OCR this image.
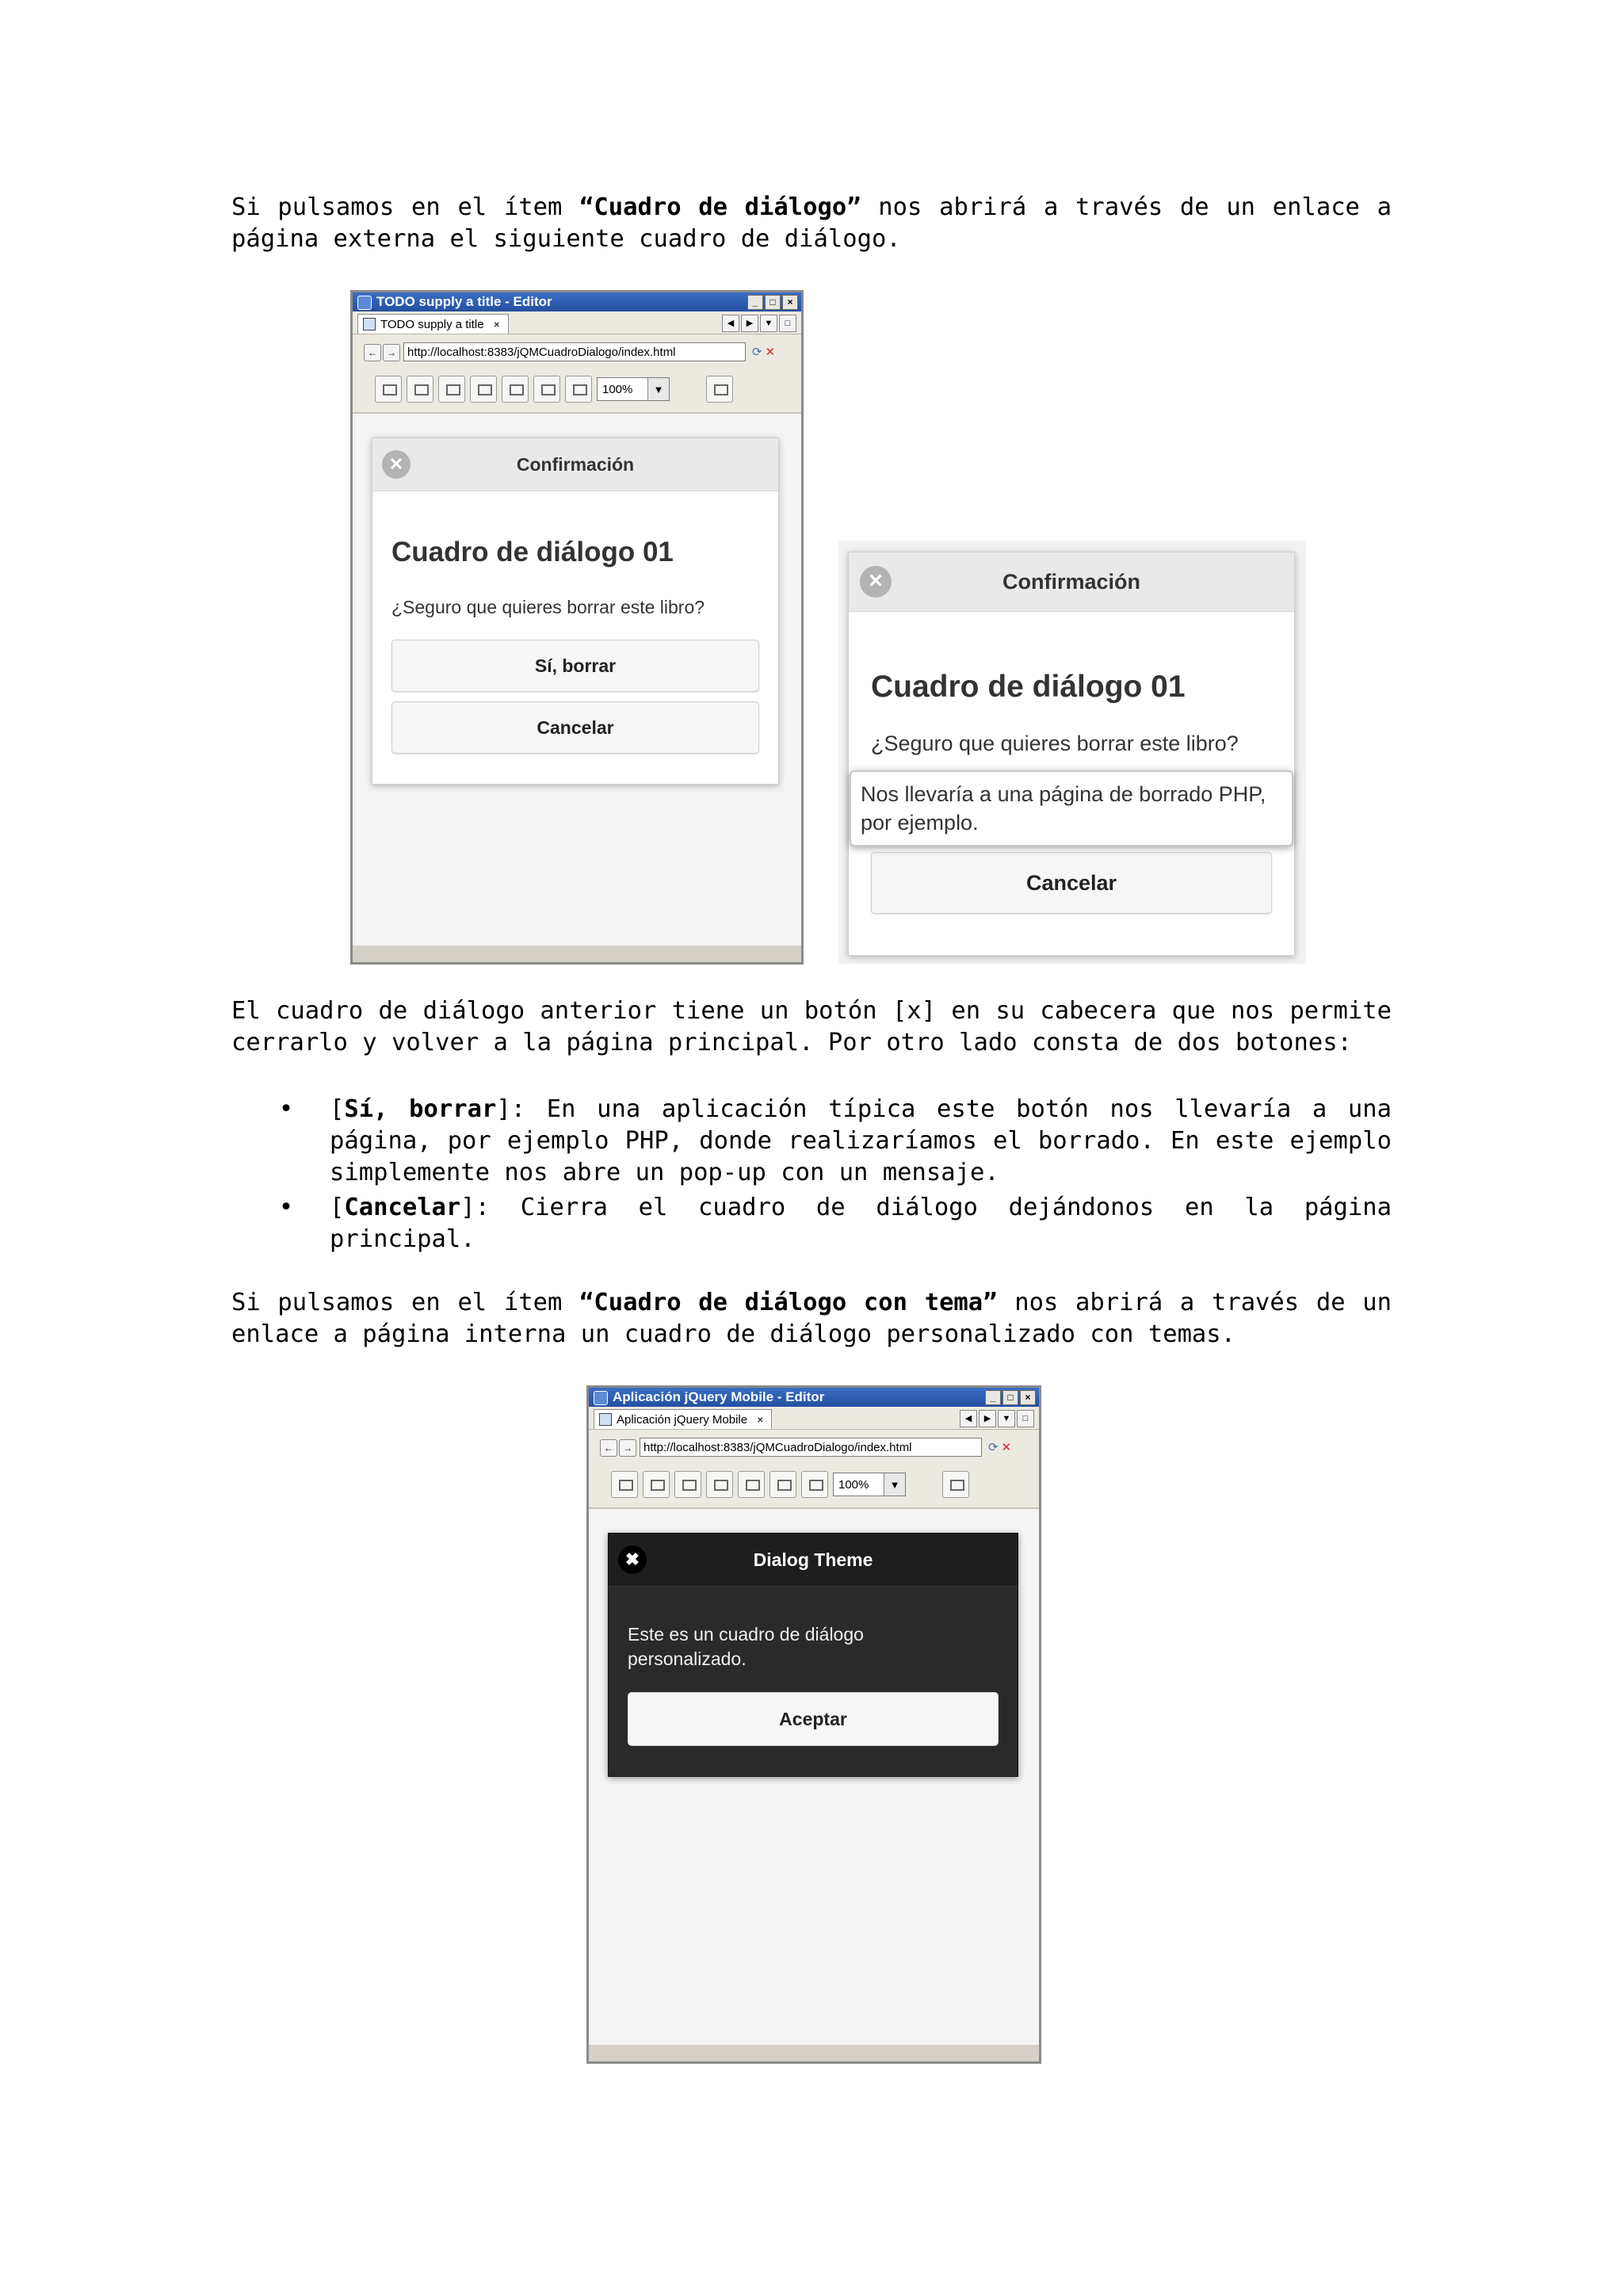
Si pulsamos en el ítem “Cuadro de diálogo” nos abrirá a través de un enlace a página externa el siguiente cuadro de diálogo.

TODO supply a title - Editor	_	□	×
TODO supply a title ×	◀	▶	▼	□
←	→ http://localhost:8383/jQMCuadroDialogo/index.html	⟳ ✕
100%	▼
✕	Confirmación
Cuadro de diálogo 01
¿Seguro que quieres borrar este libro?
Sí, borrar
Cancelar
✕	Confirmación
Cuadro de diálogo 01
¿Seguro que quieres borrar este libro?
Cancelar
Nos llevaría a una página de borrado PHP,
por ejemplo.

El cuadro de diálogo anterior tiene un botón [x] en su cabecera que nos permite cerrarlo y volver a la página principal. Por otro lado consta de dos botones:

• [Sí, borrar]: En una aplicación típica este botón nos llevaría a una página, por ejemplo PHP, donde realizaríamos el borrado. En este ejemplo simplemente nos abre un pop-up con un mensaje.
• [Cancelar]: Cierra el cuadro de diálogo dejándonos en la página principal.

Si pulsamos en el ítem “Cuadro de diálogo con tema” nos abrirá a través de un enlace a página interna un cuadro de diálogo personalizado con temas.

Aplicación jQuery Mobile - Editor	_	□	×
Aplicación jQuery Mobile ×	◀	▶	▼	□
←	→ http://localhost:8383/jQMCuadroDialogo/index.html	⟳ ✕
100%	▼
✖	Dialog Theme
Este es un cuadro de diálogo
personalizado.
Aceptar
